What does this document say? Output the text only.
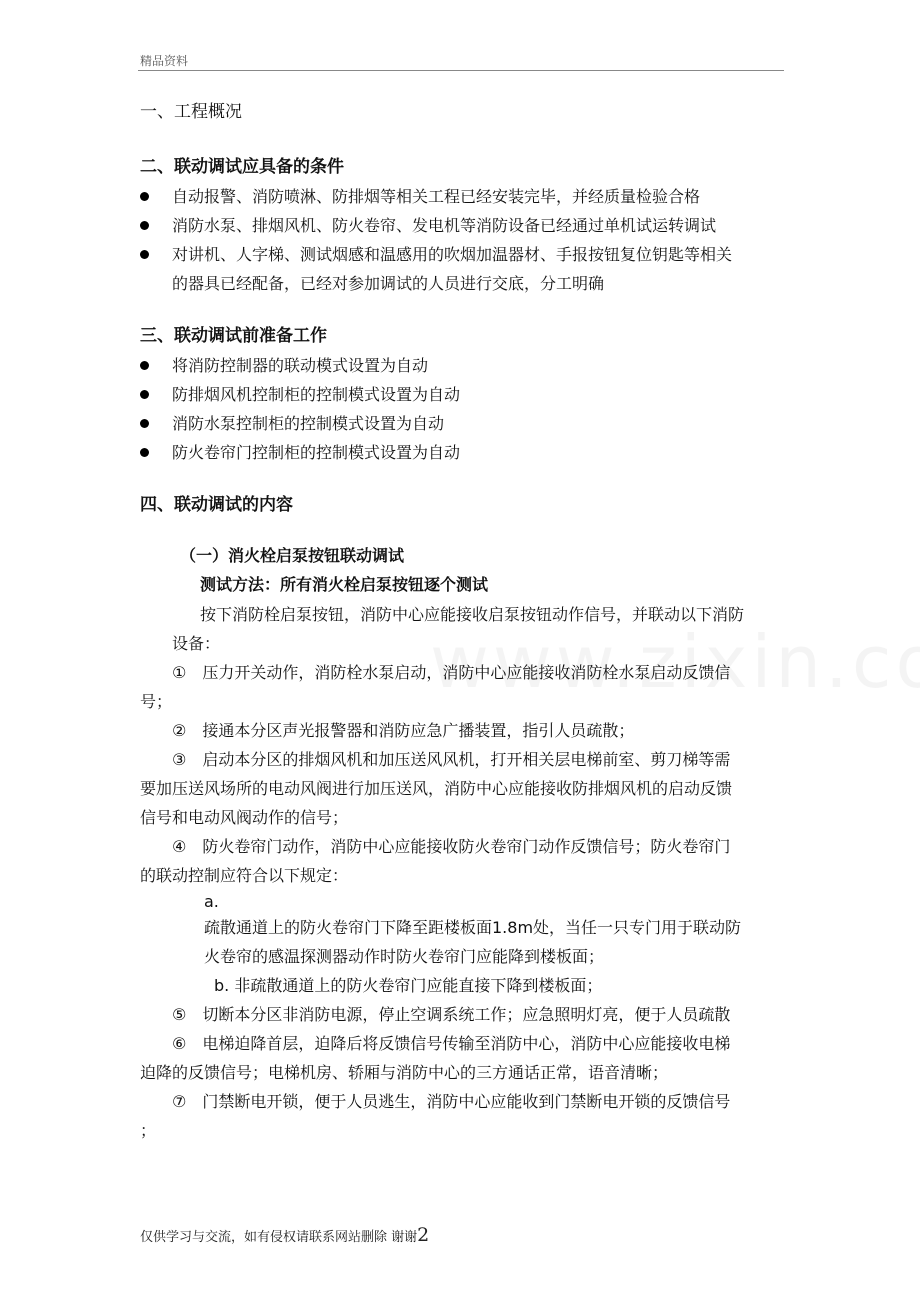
精品资料
一、工程概况
二、联动调试应具备的条件
自动报警、消防喷淋、防排烟等相关工程已经安装完毕，并经质量检验合格
消防水泵、排烟风机、防火卷帘、发电机等消防设备已经通过单机试运转调试
对讲机、人字梯、测试烟感和温感用的吹烟加温器材、手报按钮复位钥匙等相关
的器具已经配备，已经对参加调试的人员进行交底，分工明确
三、联动调试前准备工作
将消防控制器的联动模式设置为自动
防排烟风机控制柜的控制模式设置为自动
消防水泵控制柜的控制模式设置为自动
防火卷帘门控制柜的控制模式设置为自动
四、联动调试的内容
（一）消火栓启泵按钮联动调试
测试方法：所有消火栓启泵按钮逐个测试
按下消防栓启泵按钮，消防中心应能接收启泵按钮动作信号，并联动以下消防
设备：
①　压力开关动作，消防栓水泵启动，消防中心应能接收消防栓水泵启动反馈信
号；
②　接通本分区声光报警器和消防应急广播装置，指引人员疏散；
③　启动本分区的排烟风机和加压送风风机，打开相关层电梯前室、剪刀梯等需
要加压送风场所的电动风阀进行加压送风，消防中心应能接收防排烟风机的启动反馈
信号和电动风阀动作的信号；
④　防火卷帘门动作，消防中心应能接收防火卷帘门动作反馈信号；防火卷帘门
的联动控制应符合以下规定：
a.
疏散通道上的防火卷帘门下降至距楼板面1.8m处，当任一只专门用于联动防
火卷帘的感温探测器动作时防火卷帘门应能降到楼板面；
b. 非疏散通道上的防火卷帘门应能直接下降到楼板面；
⑤　切断本分区非消防电源，停止空调系统工作；应急照明灯亮，便于人员疏散
⑥　电梯迫降首层，迫降后将反馈信号传输至消防中心，消防中心应能接收电梯
迫降的反馈信号；电梯机房、轿厢与消防中心的三方通话正常，语音清晰；
⑦　门禁断电开锁，便于人员逃生，消防中心应能收到门禁断电开锁的反馈信号
；
仅供学习与交流，如有侵权请联系网站删除 谢谢2
